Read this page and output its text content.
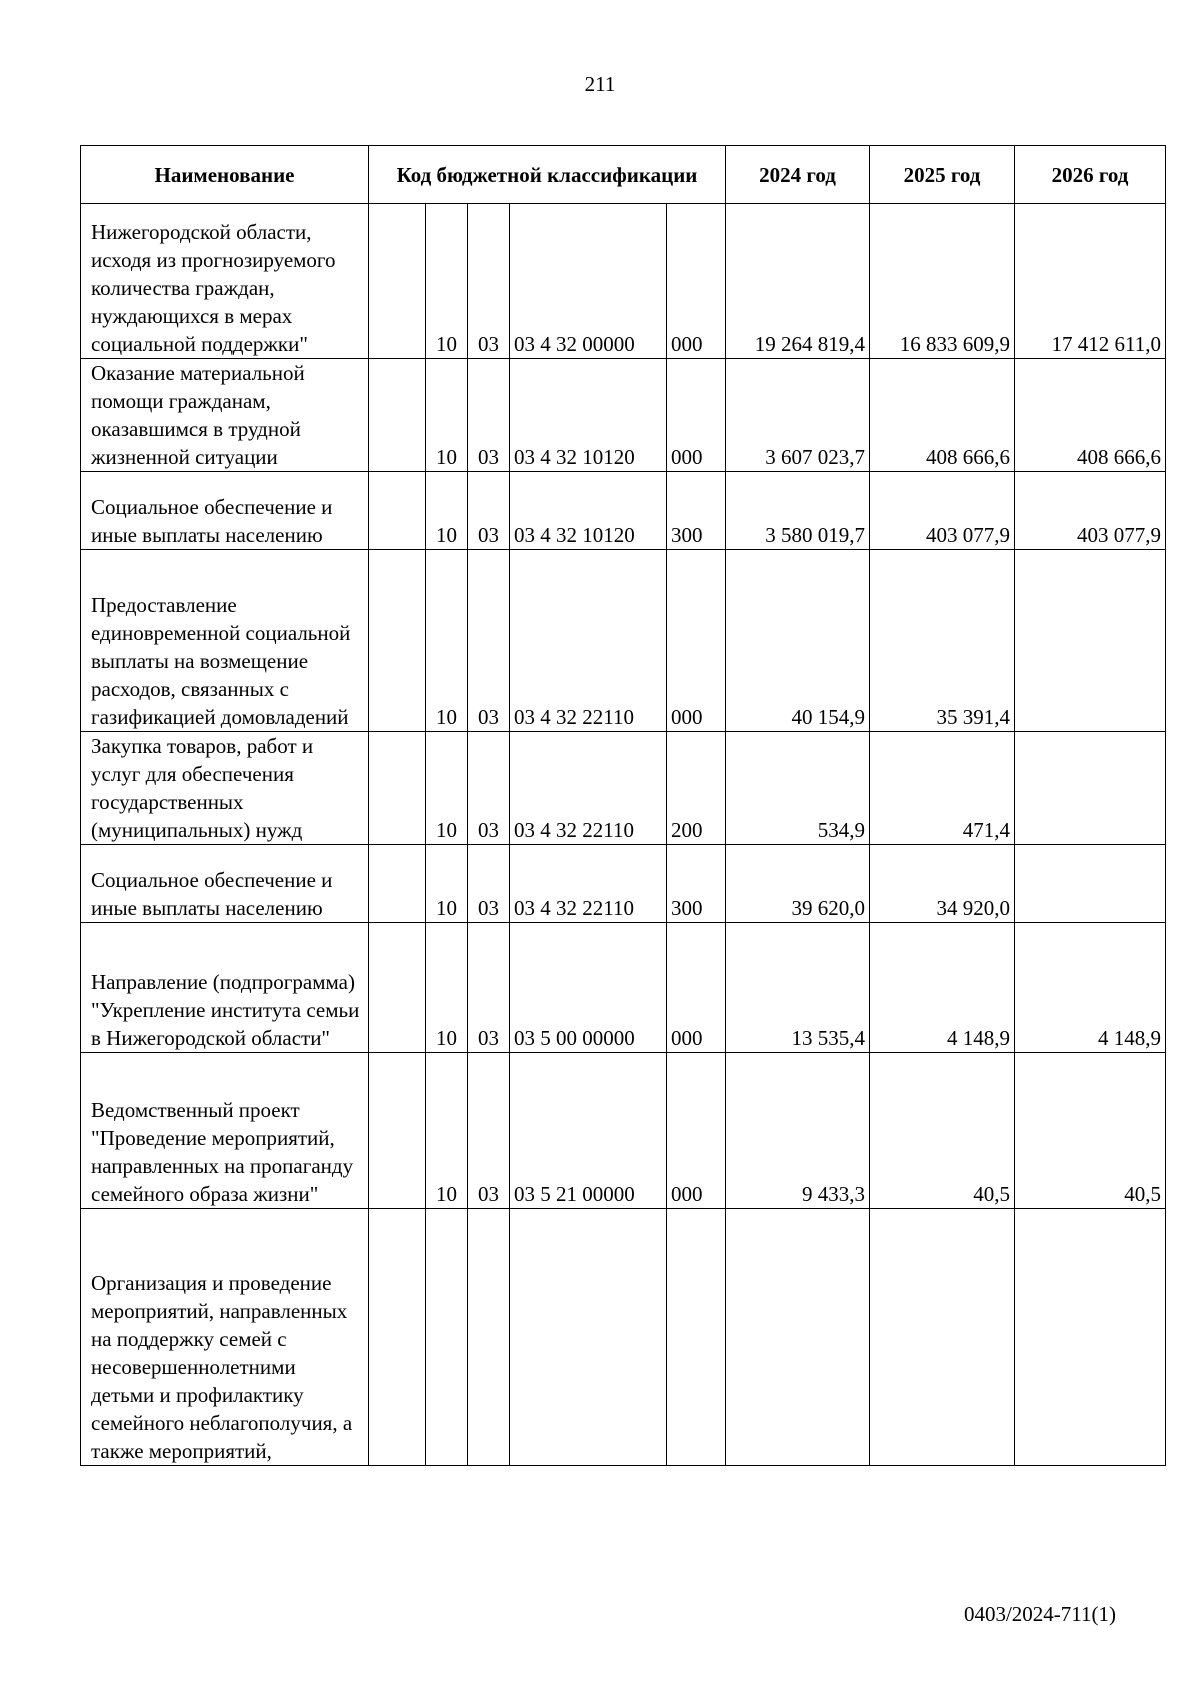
211
Наименование	Код бюджетной классификации					2024 год	2025 год	2026 год
Нижегородской области, исходя из прогнозируемого количества граждан, нуждающихся в мерах социальной поддержки"		10	03	03 4 32 00000	000	19 264 819,4	16 833 609,9	17 412 611,0
Оказание материальной помощи гражданам, оказавшимся в трудной жизненной ситуации		10	03	03 4 32 10120	000	3 607 023,7	408 666,6	408 666,6
Социальное обеспечение и иные выплаты населению		10	03	03 4 32 10120	300	3 580 019,7	403 077,9	403 077,9
Предоставление единовременной социальной выплаты на возмещение расходов, связанных с газификацией домовладений		10	03	03 4 32 22110	000	40 154,9	35 391,4	
Закупка товаров, работ и услуг для обеспечения государственных (муниципальных) нужд		10	03	03 4 32 22110	200	534,9	471,4	
Социальное обеспечение и иные выплаты населению		10	03	03 4 32 22110	300	39 620,0	34 920,0	
Направление (подпрограмма) "Укрепление института семьи в Нижегородской области"		10	03	03 5 00 00000	000	13 535,4	4 148,9	4 148,9
Ведомственный проект "Проведение мероприятий, направленных на пропаганду семейного образа жизни"		10	03	03 5 21 00000	000	9 433,3	40,5	40,5
Организация и проведение мероприятий, направленных на поддержку семей с несовершеннолетними детьми и профилактику семейного неблагополучия, а также мероприятий,								
0403/2024-711(1)
